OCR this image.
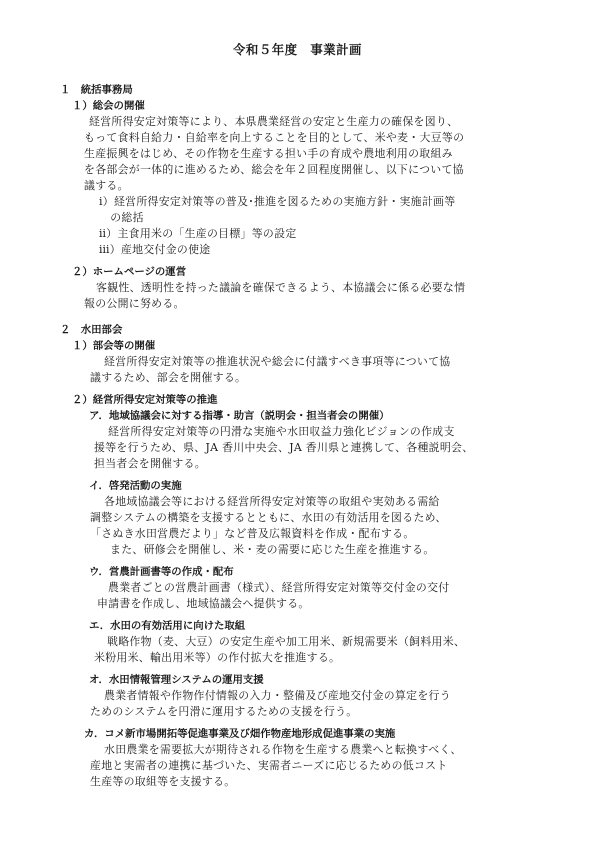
令和５年度　事業計画
１　統括事務局
１）総会の開催
経営所得安定対策等により、本県農業経営の安定と生産力の確保を図り、
もって食料自給力・自給率を向上することを目的として、米や麦・大豆等の
生産振興をはじめ、その作物を生産する担い手の育成や農地利用の取組み
を各部会が一体的に進めるため、総会を年２回程度開催し、以下について協
議する。
ⅰ）経営所得安定対策等の普及･推進を図るための実施方針・実施計画等
　の総括
ⅱ）主食用米の「生産の目標」等の設定
ⅲ）産地交付金の使途
２）ホームページの運営
客観性、透明性を持った議論を確保できるよう、本協議会に係る必要な情
報の公開に努める。
２　水田部会
１）部会等の開催
経営所得安定対策等の推進状況や総会に付議すべき事項等について協
議するため、部会を開催する。
２）経営所得安定対策等の推進
ア．地域協議会に対する指導・助言（説明会・担当者会の開催）
経営所得安定対策等の円滑な実施や水田収益力強化ビジョンの作成支
援等を行うため、県、JA 香川中央会、JA 香川県と連携して、各種説明会、
担当者会を開催する。
イ．啓発活動の実施
各地域協議会等における経営所得安定対策等の取組や実効ある需給
調整システムの構築を支援するとともに、水田の有効活用を図るため、
「さぬき水田営農だより」など普及広報資料を作成・配布する。
また、研修会を開催し、米・麦の需要に応じた生産を推進する。
ウ．営農計画書等の作成・配布
農業者ごとの営農計画書（様式）、経営所得安定対策等交付金の交付
申請書を作成し、地域協議会へ提供する。
エ．水田の有効活用に向けた取組
戦略作物（麦、大豆）の安定生産や加工用米、新規需要米（飼料用米、
米粉用米、輸出用米等）の作付拡大を推進する。
オ．水田情報管理システムの運用支援
農業者情報や作物作付情報の入力・整備及び産地交付金の算定を行う
ためのシステムを円滑に運用するための支援を行う。
カ．コメ新市場開拓等促進事業及び畑作物産地形成促進事業の実施
水田農業を需要拡大が期待される作物を生産する農業へと転換すべく、
産地と実需者の連携に基づいた、実需者ニーズに応じるための低コスト
生産等の取組等を支援する。
